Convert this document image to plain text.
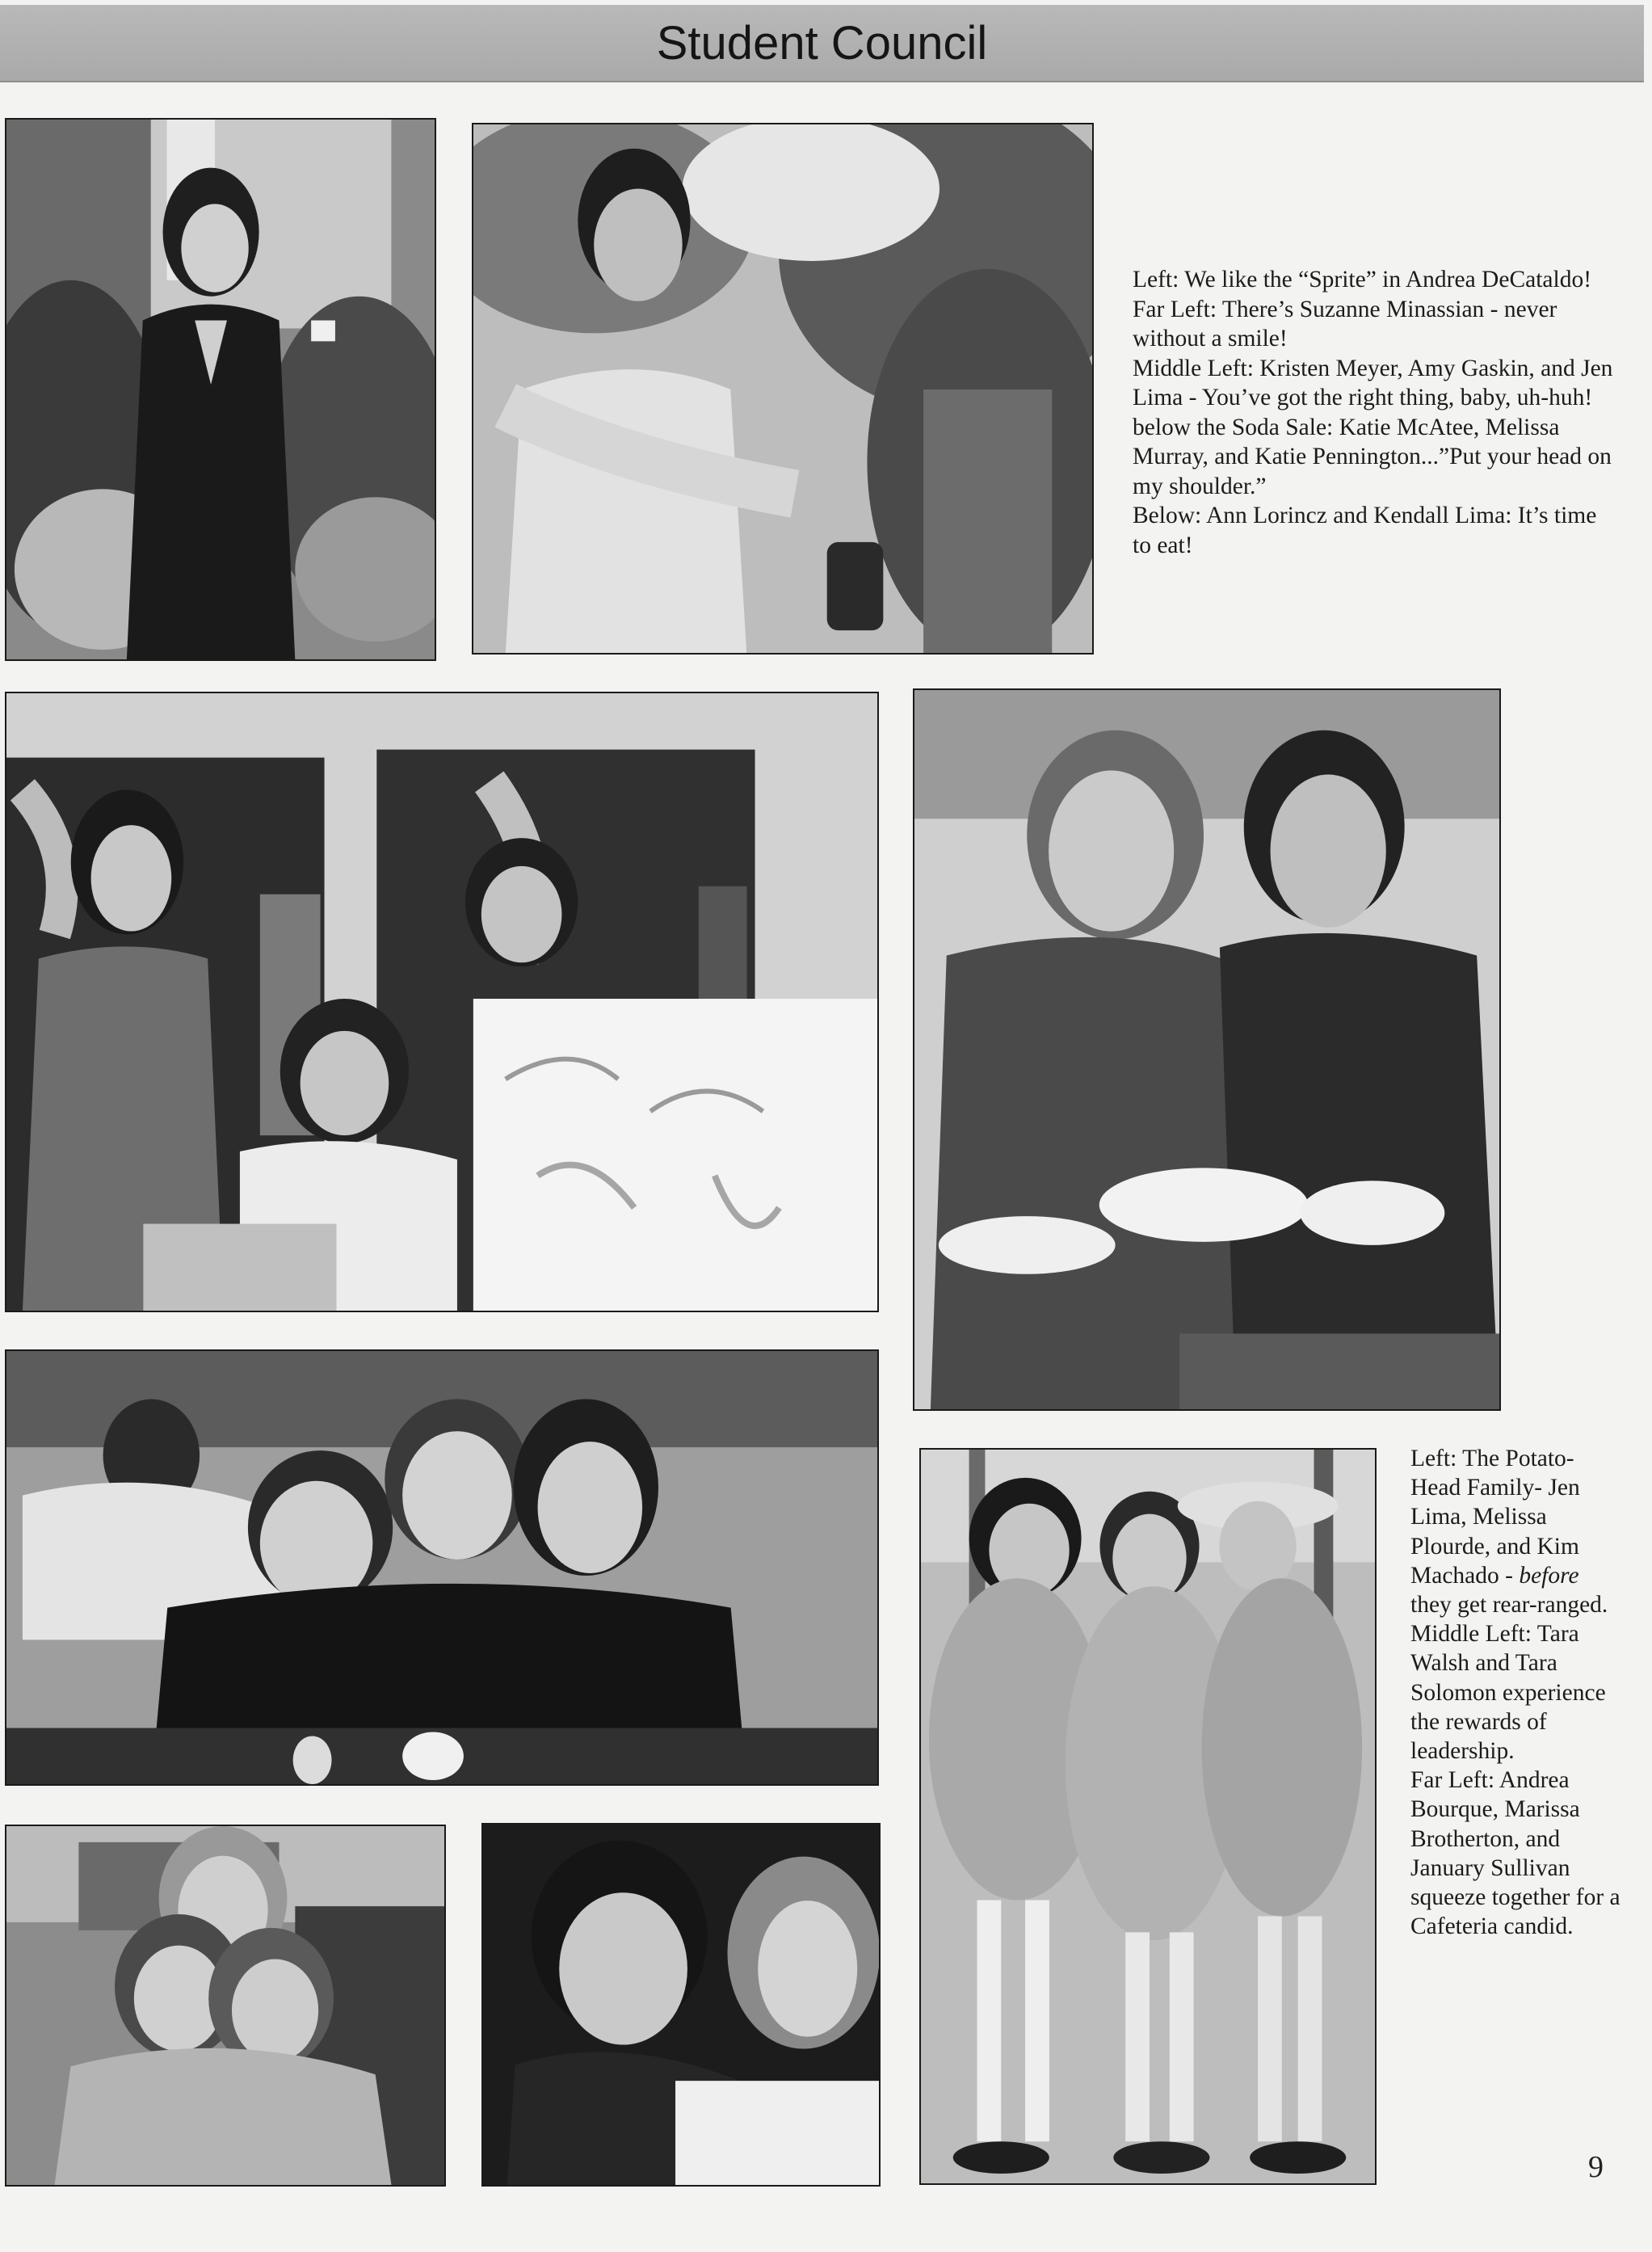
Student Council
Left: We like the “Sprite” in Andrea DeCataldo!
Far Left: There’s Suzanne Minassian - never without a smile!
Middle Left: Kristen Meyer, Amy Gaskin, and Jen Lima - You’ve got the right thing, baby, uh-huh!
below the Soda Sale: Katie McAtee, Melissa Murray, and Katie Pennington...”Put your head on my shoulder.”
Below: Ann Lorincz and Kendall Lima: It’s time to eat!
Left: The Potato-Head Family- Jen Lima, Melissa Plourde, and Kim Machado - before they get rear-ranged.
Middle Left: Tara Walsh and Tara Solomon experience the rewards of leadership.
Far Left: Andrea Bourque, Marissa Brotherton, and January Sullivan squeeze together for a Cafeteria candid.
9
